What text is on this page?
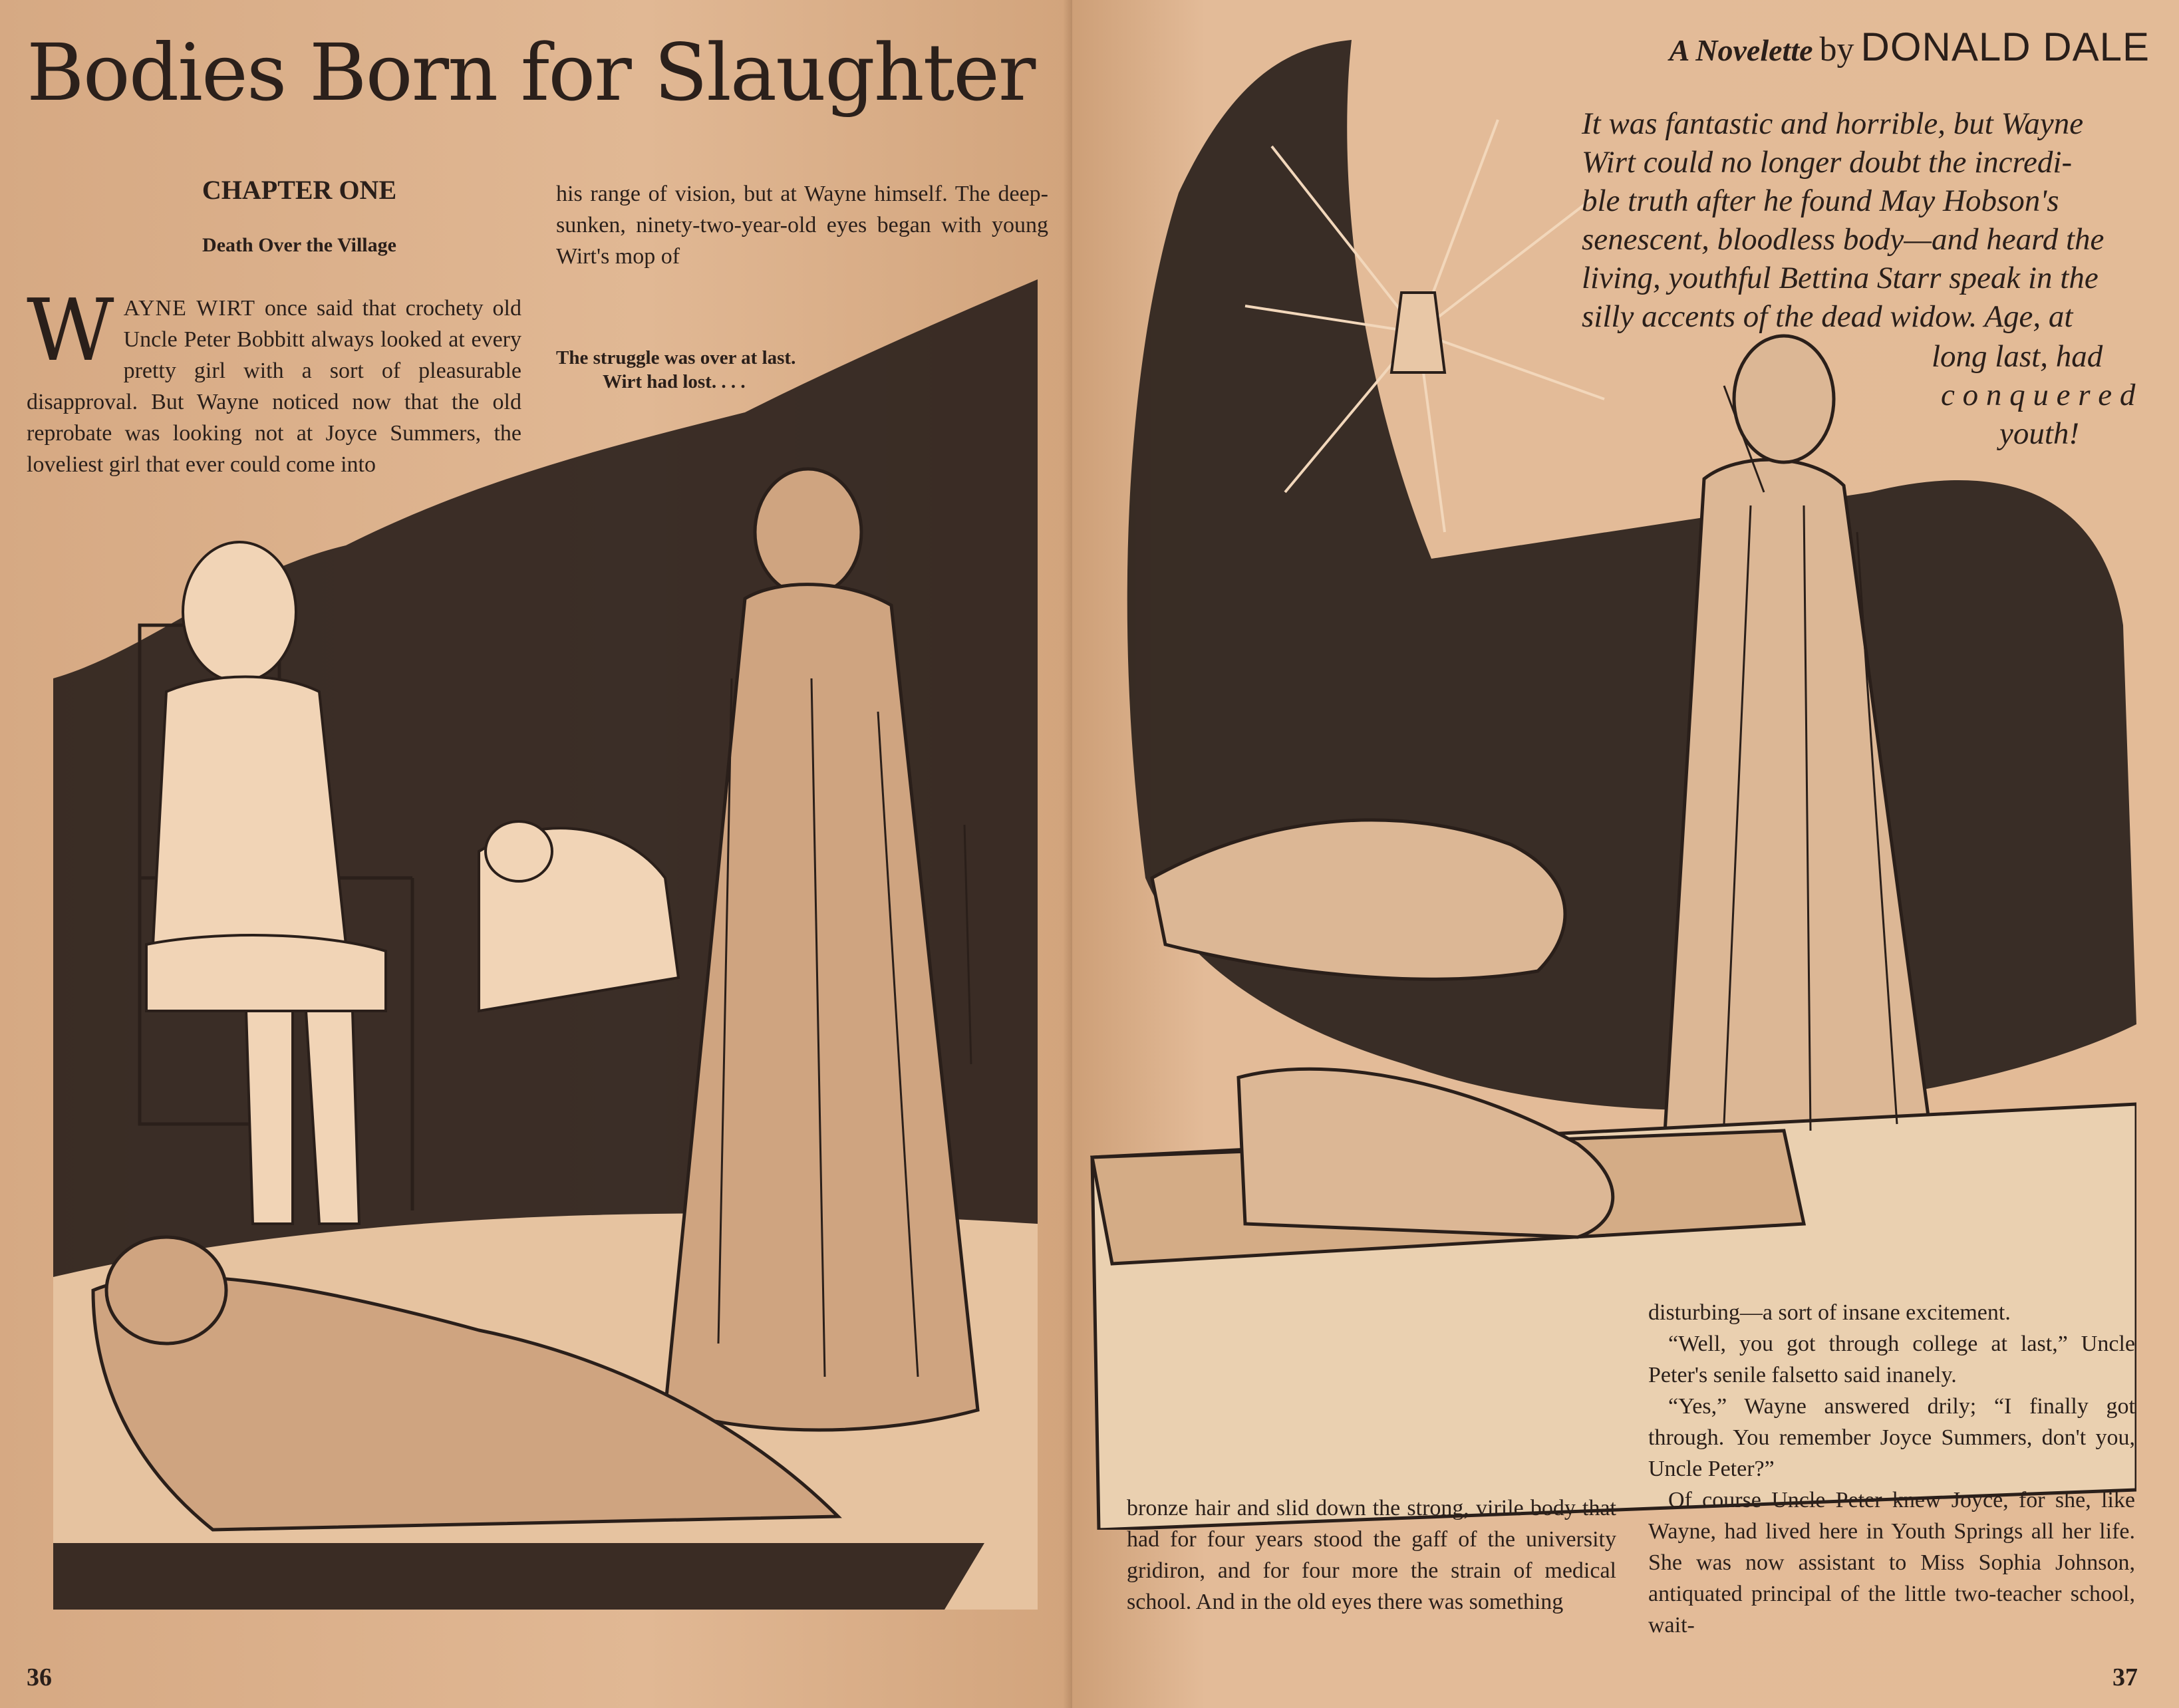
Bodies Born for Slaughter
CHAPTER ONE
Death Over the Village

WAYNE WIRT once said that crochety old Uncle Peter Bobbitt always looked at every pretty girl with a sort of pleasurable disapproval. But Wayne noticed now that the old reprobate was looking not at Joyce Summers, the loveliest girl that ever could come into

his range of vision, but at Wayne himself. The deep-sunken, ninety-two-year-old eyes began with young Wirt's mop of

The struggle was over at last.
Wirt had lost. . . .
36
A Novelette by DONALD DALE

bronze hair and slid down the strong, virile body that had for four years stood the gaff of the university gridiron, and for four more the strain of medical school. And in the old eyes there was something

disturbing—a sort of insane excitement.

“Well, you got through college at last,” Uncle Peter's senile falsetto said inanely.

“Yes,” Wayne answered drily; “I finally got through. You remember Joyce Summers, don't you, Uncle Peter?”

Of course Uncle Peter knew Joyce, for she, like Wayne, had lived here in Youth Springs all her life. She was now assistant to Miss Sophia Johnson, antiquated principal of the little two-teacher school, wait-

37
It was fantastic and horrible, but Wayne
Wirt could no longer doubt the incredi-
ble truth after he found May Hobson's
senescent, bloodless body—and heard the
living, youthful Bettina Starr speak in the
silly accents of the dead widow. Age, at
long last, had
c o n q u e r e d
youth!
